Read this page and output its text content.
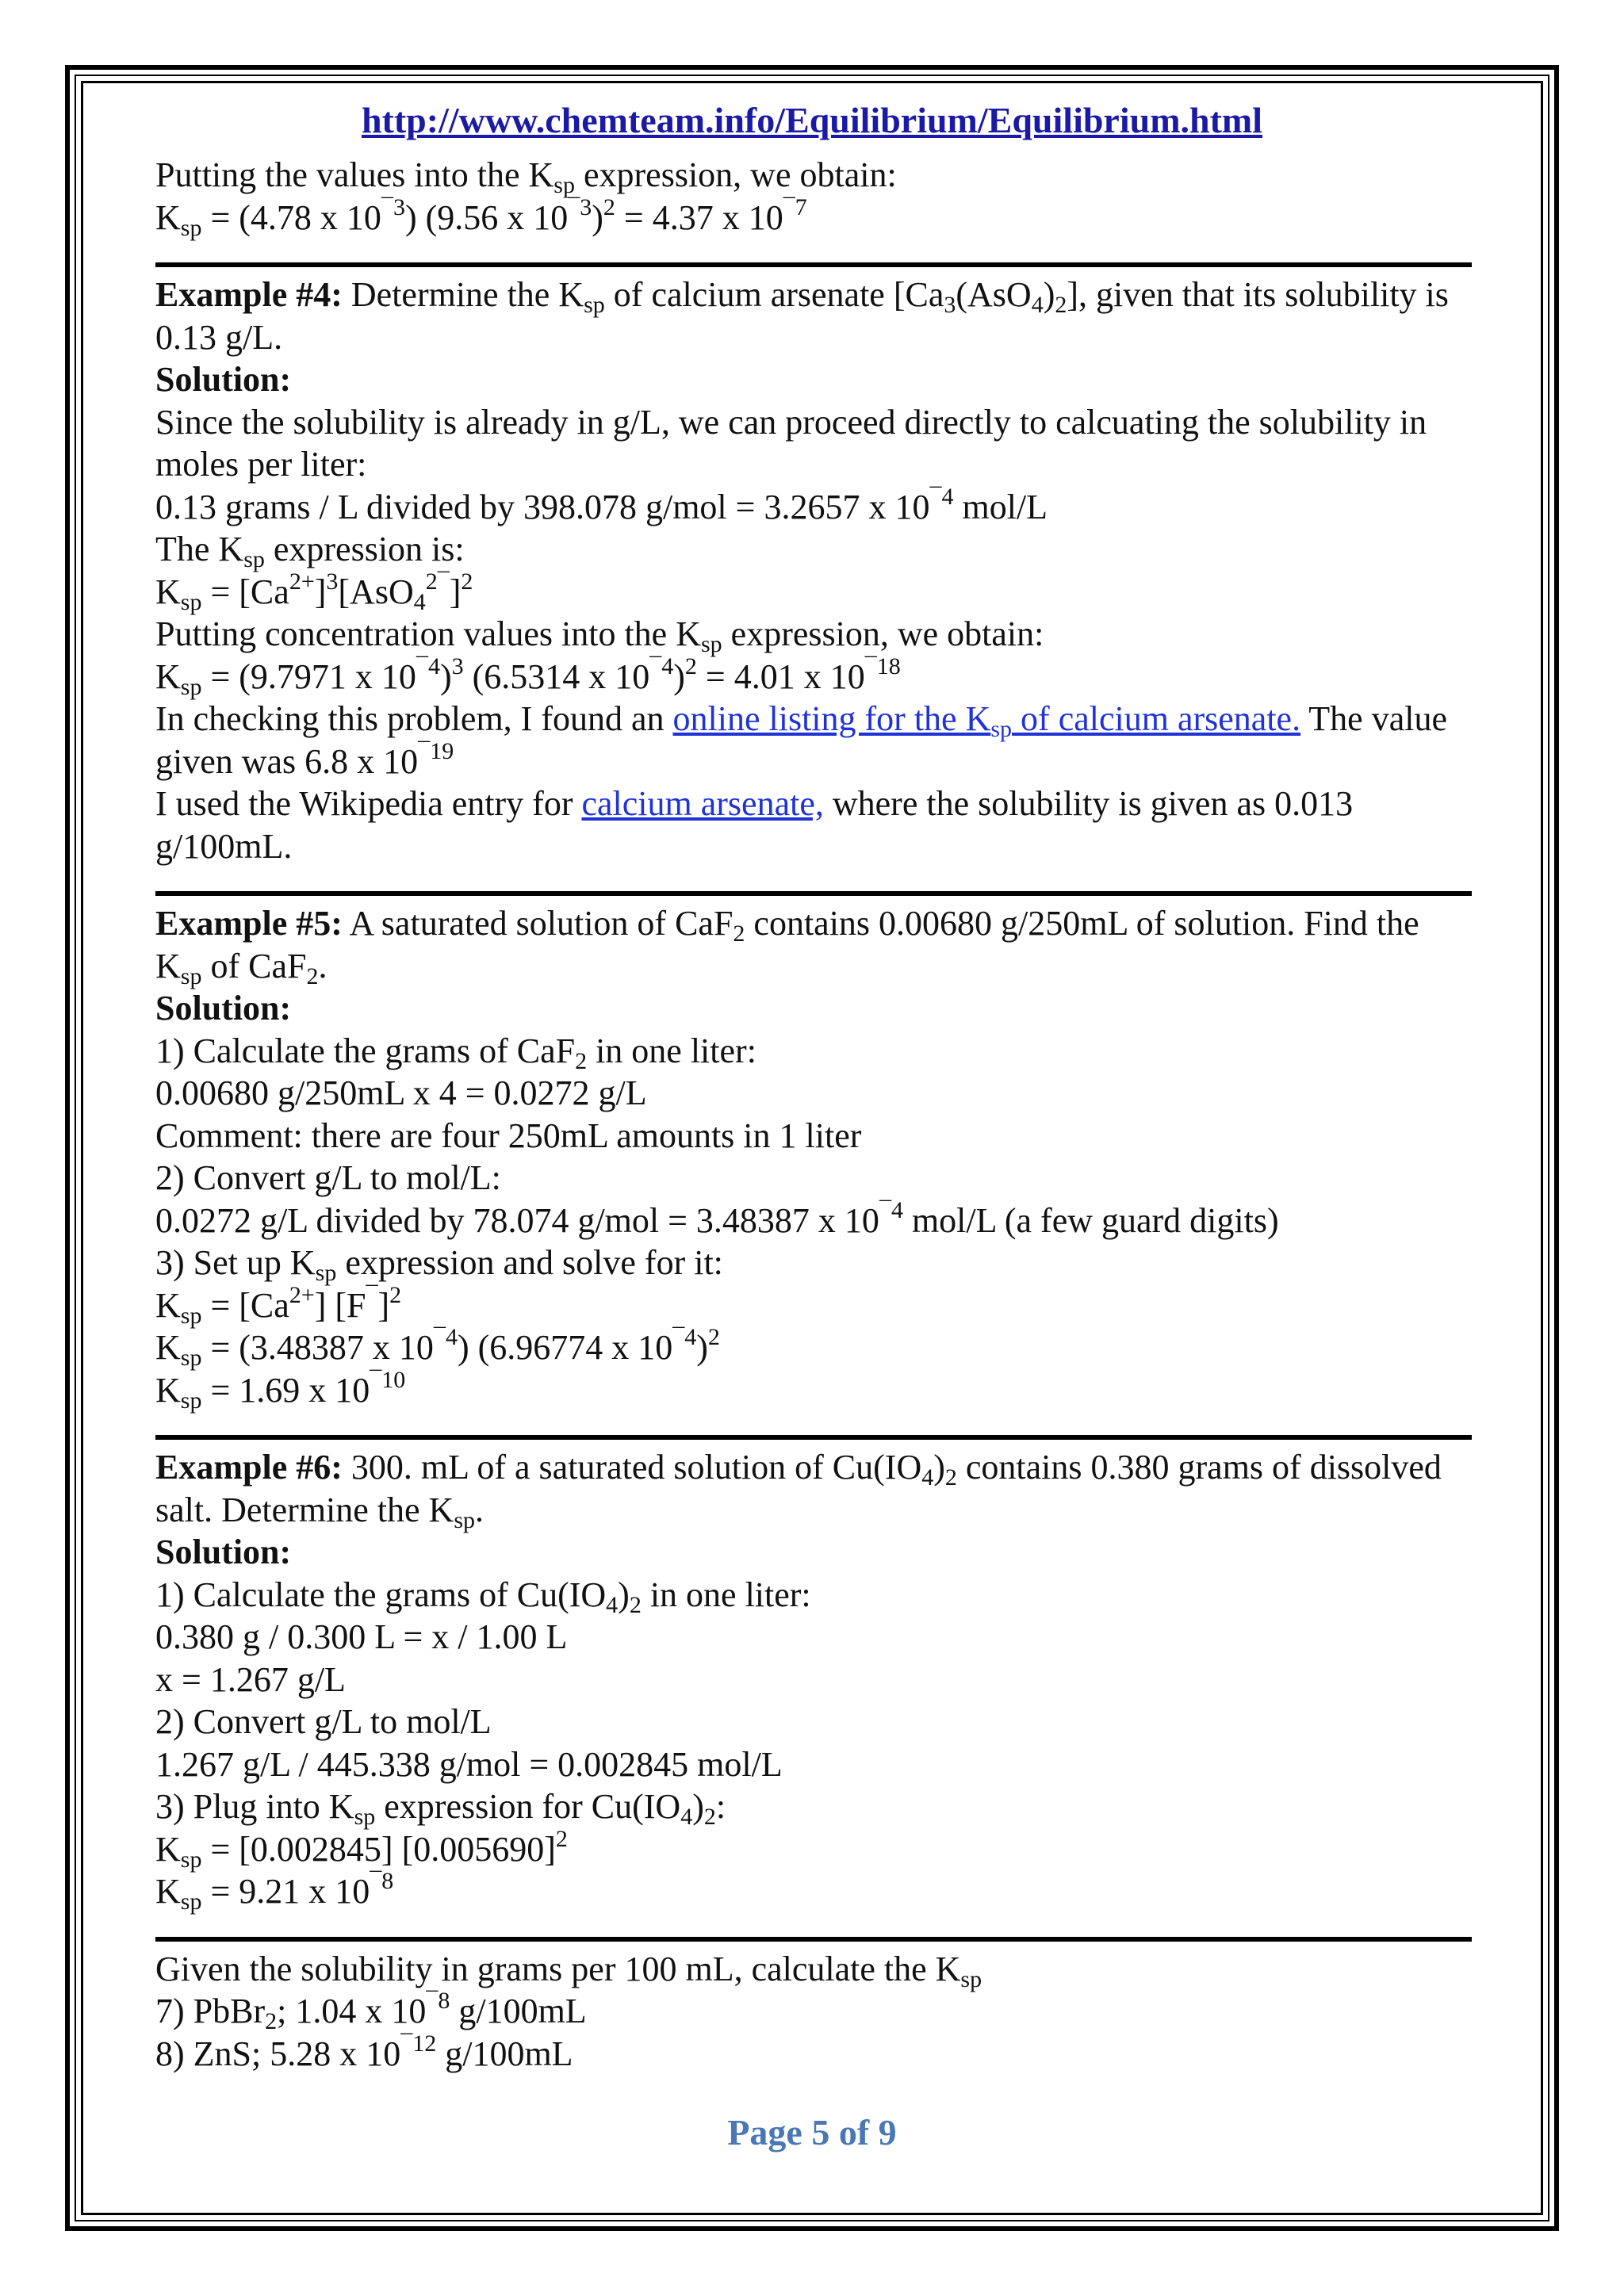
http://www.chemteam.info/Equilibrium/Equilibrium.html
Putting the values into the $K_{sp}$ expression, we obtain:
$K_{sp} = (4.78$ x $10^{¯3}$) (9.56 x $10^{¯3})^2 = 4.37$ x $10^{¯7}$
Example #4: Determine the $K_{sp}$ of calcium arsenate $[Ca_3(AsO_4)_2]$, given that its solubility is 0.13 g/L.
Solution:
Since the solubility is already in g/L, we can proceed directly to calcuating the solubility in moles per liter:
0.13 grams / L divided by 398.078 g/mol = 3.2657 x $10^{¯4}$ mol/L
The $K_{sp}$ expression is:
$K_{sp} = [Ca^{2+}]^3[AsO_4^{2¯}]^2$
Putting concentration values into the $K_{sp}$ expression, we obtain:
$K_{sp} = (9.7971$ x $10^{¯4})^3$ (6.5314 x $10^{¯4})^2 = 4.01$ x $10^{¯18}$
In checking this problem, I found an online listing for the $K_{sp}$ of calcium arsenate. The value given was 6.8 x $10^{¯19}$
I used the Wikipedia entry for calcium arsenate, where the solubility is given as 0.013 g/100mL.
Example #5: A saturated solution of CaF$_2$ contains 0.00680 g/250mL of solution. Find the $K_{sp}$ of CaF$_2$.
Solution:
1) Calculate the grams of CaF$_2$ in one liter:
0.00680 g/250mL x 4 = 0.0272 g/L
Comment: there are four 250mL amounts in 1 liter
2) Convert g/L to mol/L:
0.0272 g/L divided by 78.074 g/mol = 3.48387 x $10^{¯4}$ mol/L (a few guard digits)
3) Set up $K_{sp}$ expression and solve for it:
$K_{sp} = [Ca^{2+}]$ $[F^¯]^2$
$K_{sp} = (3.48387$ x $10^{¯4}$) (6.96774 x $10^{¯4})^2$
$K_{sp} = 1.69$ x $10^{¯10}$
Example #6: 300. mL of a saturated solution of $Cu(IO_4)_2$ contains 0.380 grams of dissolved salt. Determine the $K_{sp}$.
Solution:
1) Calculate the grams of $Cu(IO_4)_2$ in one liter:
0.380 g / 0.300 L = x / 1.00 L
x = 1.267 g/L
2) Convert g/L to mol/L
1.267 g/L / 445.338 g/mol = 0.002845 mol/L
3) Plug into $K_{sp}$ expression for $Cu(IO_4)_2$:
$K_{sp} = [0.002845]$ $[0.005690]^2$
$K_{sp} = 9.21$ x $10^{¯8}$
Given the solubility in grams per 100 mL, calculate the $K_{sp}$
7) PbBr$_2$; 1.04 x $10^{¯8}$ g/100mL
8) ZnS; 5.28 x $10^{¯12}$ g/100mL
Page 5 of 9
